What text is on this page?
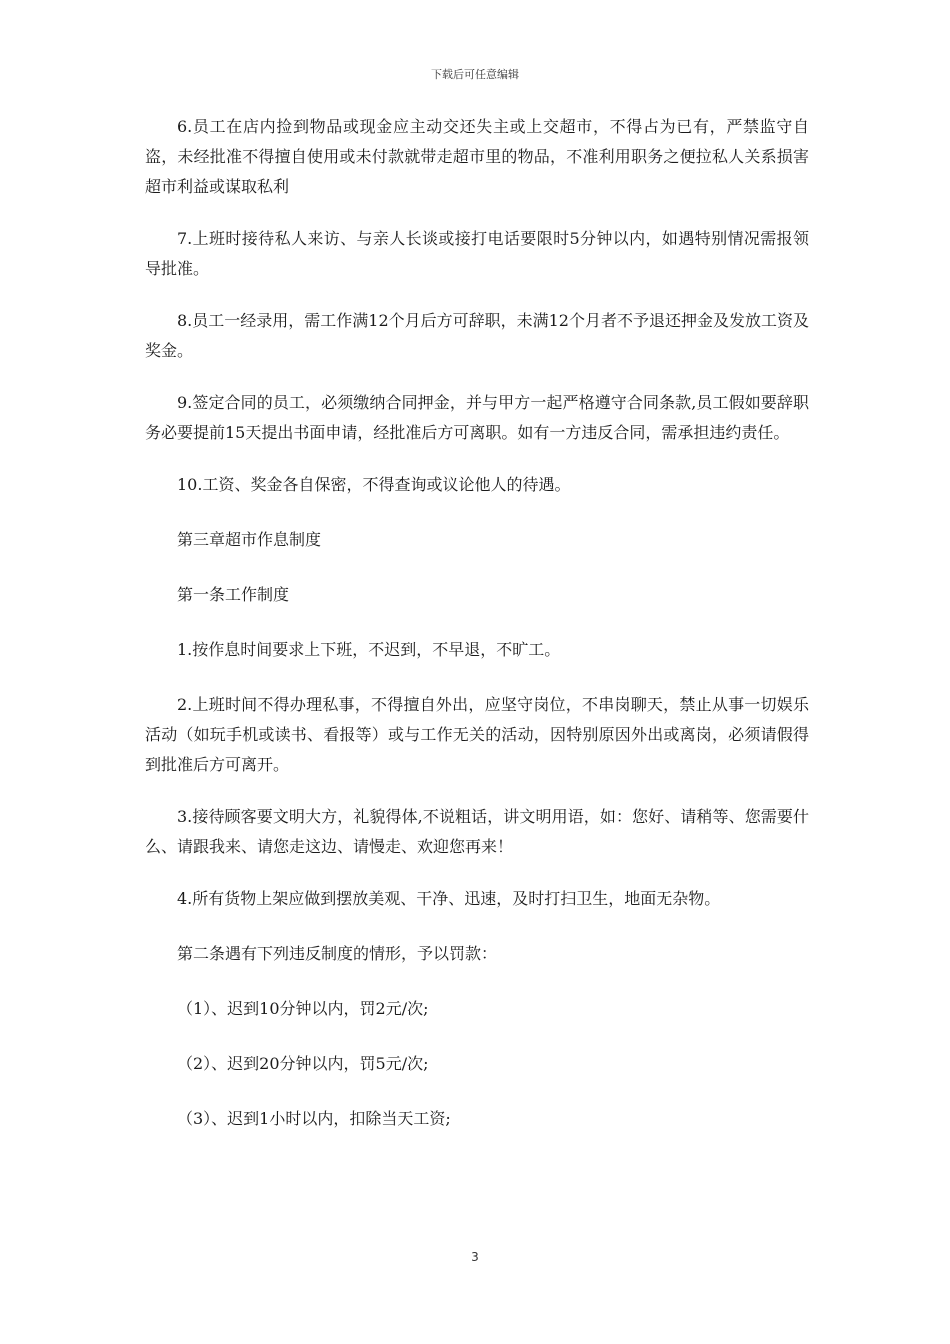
下载后可任意编辑

6.员工在店内捡到物品或现金应主动交还失主或上交超市，不得占为已有，严禁监守自盗，未经批准不得擅自使用或未付款就带走超市里的物品，不准利用职务之便拉私人关系损害超市利益或谋取私利

7.上班时接待私人来访、与亲人长谈或接打电话要限时5分钟以内，如遇特别情况需报领导批准。

8.员工一经录用，需工作满12个月后方可辞职，未满12个月者不予退还押金及发放工资及奖金。

9.签定合同的员工，必须缴纳合同押金，并与甲方一起严格遵守合同条款,员工假如要辞职务必要提前15天提出书面申请，经批准后方可离职。如有一方违反合同，需承担违约责任。

10.工资、奖金各自保密，不得查询或议论他人的待遇。

第三章超市作息制度

第一条工作制度

1.按作息时间要求上下班，不迟到，不早退，不旷工。

2.上班时间不得办理私事，不得擅自外出，应坚守岗位，不串岗聊天，禁止从事一切娱乐活动（如玩手机或读书、看报等）或与工作无关的活动，因特别原因外出或离岗，必须请假得到批准后方可离开。

3.接待顾客要文明大方，礼貌得体,不说粗话，讲文明用语，如：您好、请稍等、您需要什么、请跟我来、请您走这边、请慢走、欢迎您再来！

4.所有货物上架应做到摆放美观、干净、迅速，及时打扫卫生，地面无杂物。

第二条遇有下列违反制度的情形，予以罚款：

（1）、迟到10分钟以内，罚2元/次;

（2）、迟到20分钟以内，罚5元/次;

（3）、迟到1小时以内，扣除当天工资;

3
